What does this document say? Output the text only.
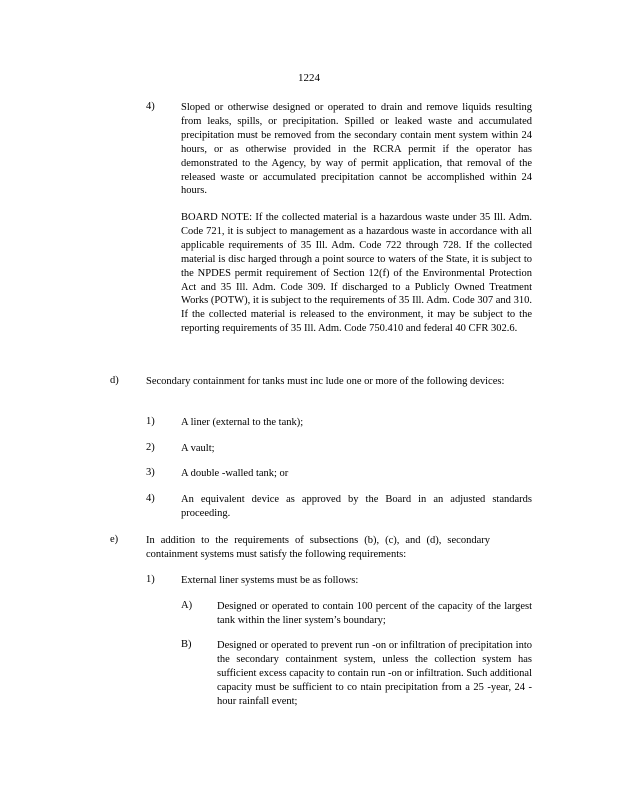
1224
4)	Sloped or otherwise designed or operated to drain and remove liquids resulting from leaks, spills, or precipitation. Spilled or leaked waste and accumulated precipitation must be removed from the secondary contain ment system within 24 hours, or as otherwise provided in the RCRA permit if the operator has demonstrated to the Agency, by way of permit application, that removal of the released waste or accumulated precipitation cannot be accomplished within 24 hours.
BOARD NOTE: If the collected material is a hazardous waste under 35 Ill. Adm. Code 721, it is subject to management as a hazardous waste in accordance with all applicable requirements of 35 Ill. Adm. Code 722 through 728. If the collected material is disc harged through a point source to waters of the State, it is subject to the NPDES permit requirement of Section 12(f) of the Environmental Protection Act and 35 Ill. Adm. Code 309. If discharged to a Publicly Owned Treatment Works (POTW), it is subject to the requirements of 35 Ill. Adm. Code 307 and 310. If the collected material is released to the environment, it may be subject to the reporting requirements of 35 Ill. Adm. Code 750.410 and federal 40 CFR 302.6.
d)	Secondary containment for tanks must inc lude one or more of the following devices:
1)	A liner (external to the tank);
2)	A vault;
3)	A double -walled tank; or
4)	An equivalent device as approved by the Board in an adjusted standards proceeding.
e)	In addition to the requirements of subsections (b), (c), and (d), secondary containment systems must satisfy the following requirements:
1)	External liner systems must be as follows:
A) Designed or operated to contain 100 percent of the capacity of the largest tank within the liner system’s boundary;
B) Designed or operated to prevent run -on or infiltration of precipitation into the secondary containment system, unless the collection system has sufficient excess capacity to contain run -on or infiltration. Such additional capacity must be sufficient to co ntain precipitation from a 25 -year, 24 -hour rainfall event;
